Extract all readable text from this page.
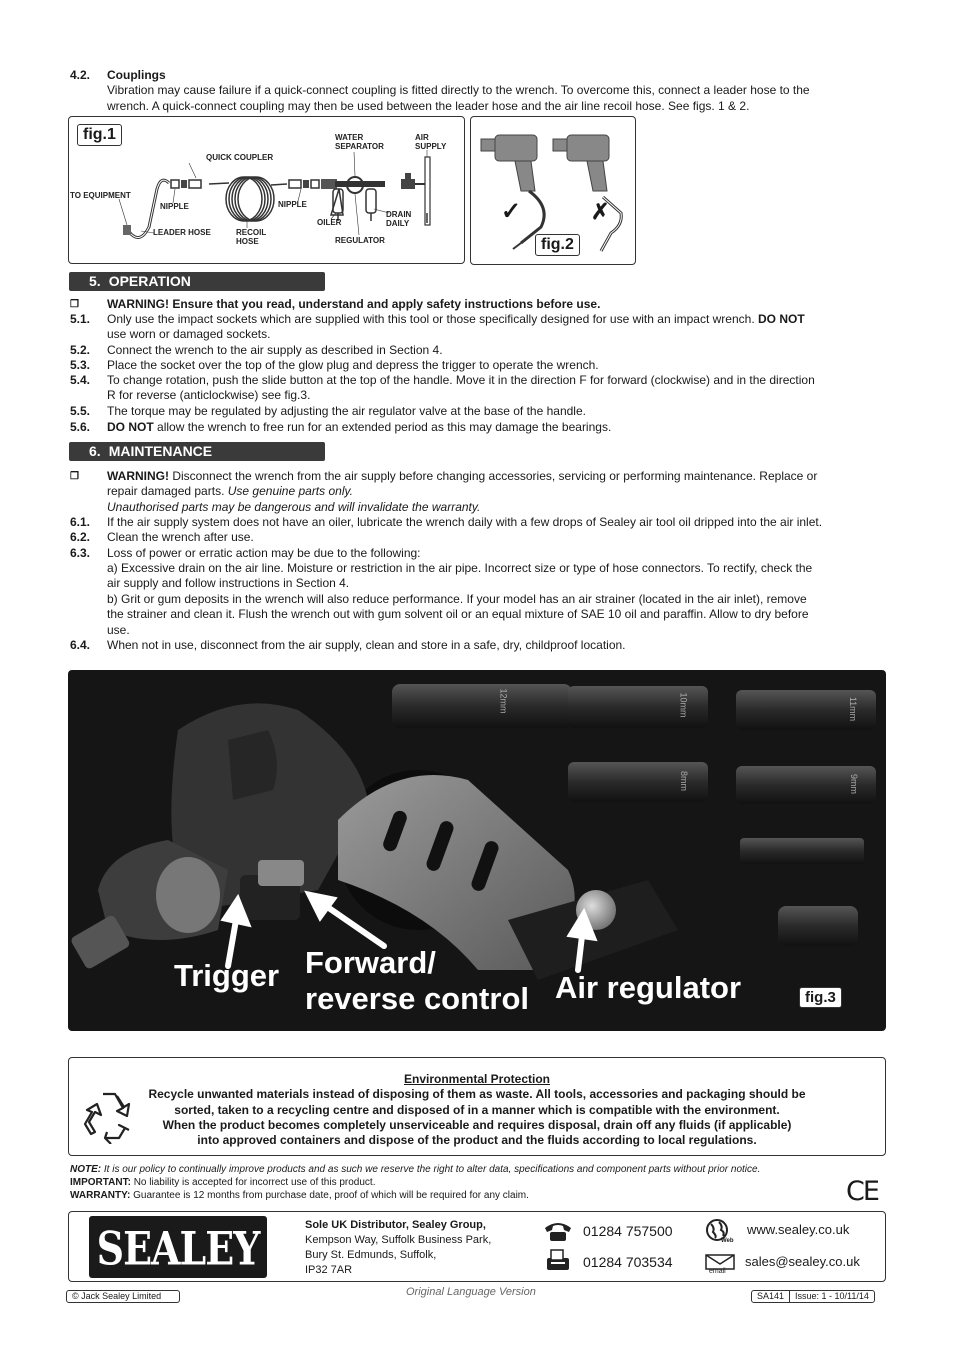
4.2.	Couplings
Vibration may cause failure if a quick-connect coupling is fitted directly to the wrench. To overcome this, connect a leader hose to the
wrench. A quick-connect coupling may then be used between the leader hose and the air line recoil hose. See figs. 1 & 2.
fig.1	WATER SEPARATOR
AIR SUPPLY
QUICK COUPLER
TO EQUIPMENT
NIPPLE	NIPPLE
OILER
DRAIN DAILY
LEADER HOSE	RECOIL HOSE	REGULATOR
✓	✗
fig.2
5. OPERATION
❐	WARNING! Ensure that you read, understand and apply safety instructions before use.
5.1.	Only use the impact sockets which are supplied with this tool or those specifically designed for use with an impact wrench. DO NOT
use worn or damaged sockets.
5.2.	Connect the wrench to the air supply as described in Section 4.
5.3.	Place the socket over the top of the glow plug and depress the trigger to operate the wrench.
5.4.	To change rotation, push the slide button at the top of the handle. Move it in the direction F for forward (clockwise) and in the direction
R for reverse (anticlockwise) see fig.3.
5.5.	The torque may be regulated by adjusting the air regulator valve at the base of the handle.
5.6.	DO NOT allow the wrench to free run for an extended period as this may damage the bearings.
6. MAINTENANCE
❐	WARNING! Disconnect the wrench from the air supply before changing accessories, servicing or performing maintenance. Replace or
repair damaged parts. Use genuine parts only.
Unauthorised parts may be dangerous and will invalidate the warranty.
6.1.	If the air supply system does not have an oiler, lubricate the wrench daily with a few drops of Sealey air tool oil dripped into the air inlet.
6.2.	Clean the wrench after use.
6.3.	Loss of power or erratic action may be due to the following:
a) Excessive drain on the air line. Moisture or restriction in the air pipe. Incorrect size or type of hose connectors. To rectify, check the
air supply and follow instructions in Section 4.
b) Grit or gum deposits in the wrench will also reduce performance. If your model has an air strainer (located in the air inlet), remove
the strainer and clean it. Flush the wrench out with gum solvent oil or an equal mixture of SAE 10 oil and paraffin. Allow to dry before
use.
6.4.	When not in use, disconnect from the air supply, clean and store in a safe, dry, childproof location.
12mm	10mm	11mm
8mm	9mm
Trigger Forward/
reverse control Air regulator	fig.3
Environmental Protection
Recycle unwanted materials instead of disposing of them as waste. All tools, accessories and packaging should be
sorted, taken to a recycling centre and disposed of in a manner which is compatible with the environment.
When the product becomes completely unserviceable and requires disposal, drain off any fluids (if applicable)
into approved containers and dispose of the product and the fluids according to local regulations.
NOTE: It is our policy to continually improve products and as such we reserve the right to alter data, specifications and component parts without prior notice.
IMPORTANT: No liability is accepted for incorrect use of this product.
WARRANTY: Guarantee is 12 months from purchase date, proof of which will be required for any claim.	CE
SEALEY	Sole UK Distributor, Sealey Group,
Kempson Way, Suffolk Business Park,
Bury St. Edmunds, Suffolk,
IP32 7AR
01284 757500
01284 703534
Web
www.sealey.co.uk
email
sales@sealey.co.uk
© Jack Sealey Limited	Original Language Version	SA141	Issue: 1 - 10/11/14
